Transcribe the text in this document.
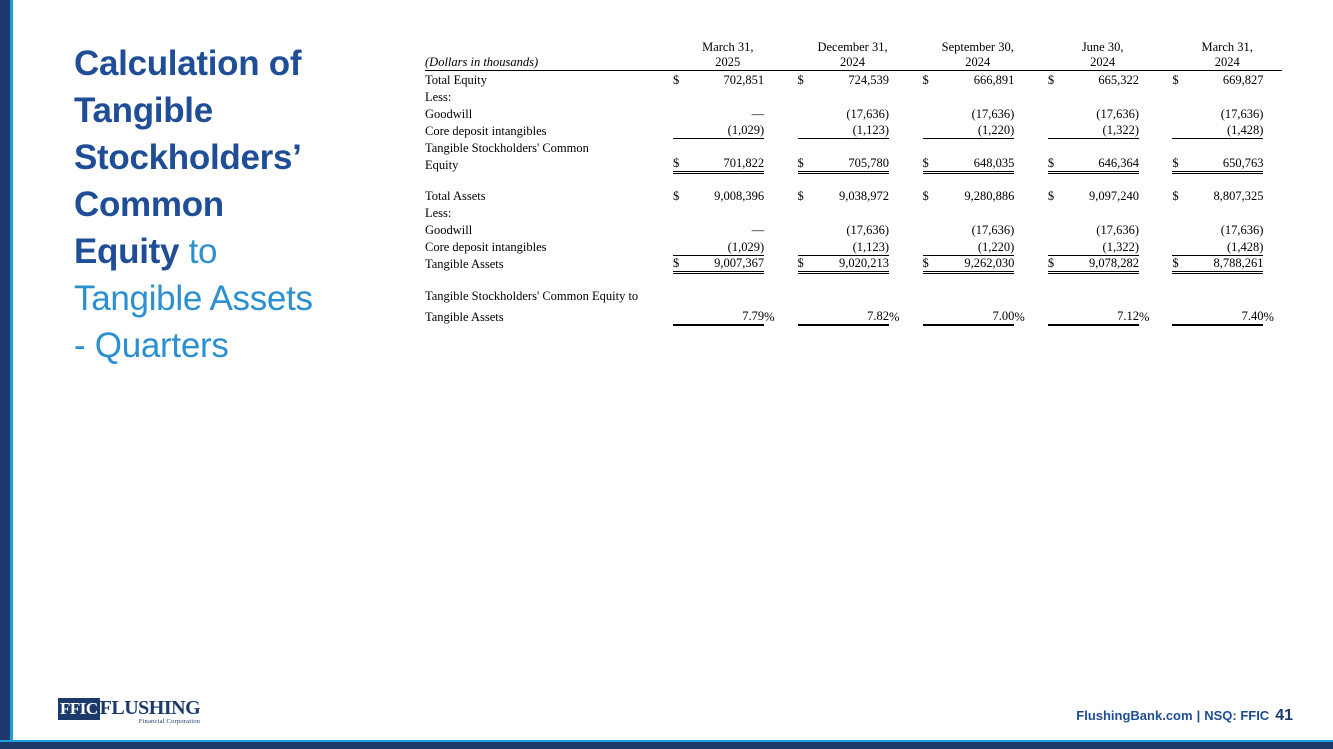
Calculation of
Tangible
Stockholders’
Common
Equity to
Tangible Assets
- Quarters
	March 31,				December 31,				September 30,				June 30,				March 31,		
(Dollars in thousands)	2025				2024				2024				2024				2024		
Total Equity	$	702,851			$	724,539			$	666,891			$	665,322			$	669,827	
Less:																			
Goodwill		—				(17,636)				(17,636)				(17,636)				(17,636)	
Core deposit intangibles		(1,029)				(1,123)				(1,220)				(1,322)				(1,428)	
Tangible Stockholders' Common																			
Equity	$	701,822			$	705,780			$	648,035			$	646,364			$	650,763	

Total Assets	$	9,008,396			$	9,038,972			$	9,280,886			$	9,097,240			$	8,807,325	
Less:																			
Goodwill		—				(17,636)				(17,636)				(17,636)				(17,636)	
Core deposit intangibles		(1,029)				(1,123)				(1,220)				(1,322)				(1,428)	
Tangible Assets	$	9,007,367			$	9,020,213			$	9,262,030			$	9,078,282			$	8,788,261	

Tangible Stockholders' Common Equity to																			
Tangible Assets		7.79	%			7.82	%			7.00	%			7.12	%			7.40	%
FFIC FLUSHING
Financial Corporation	FlushingBank.com | NSQ: FFIC 41
